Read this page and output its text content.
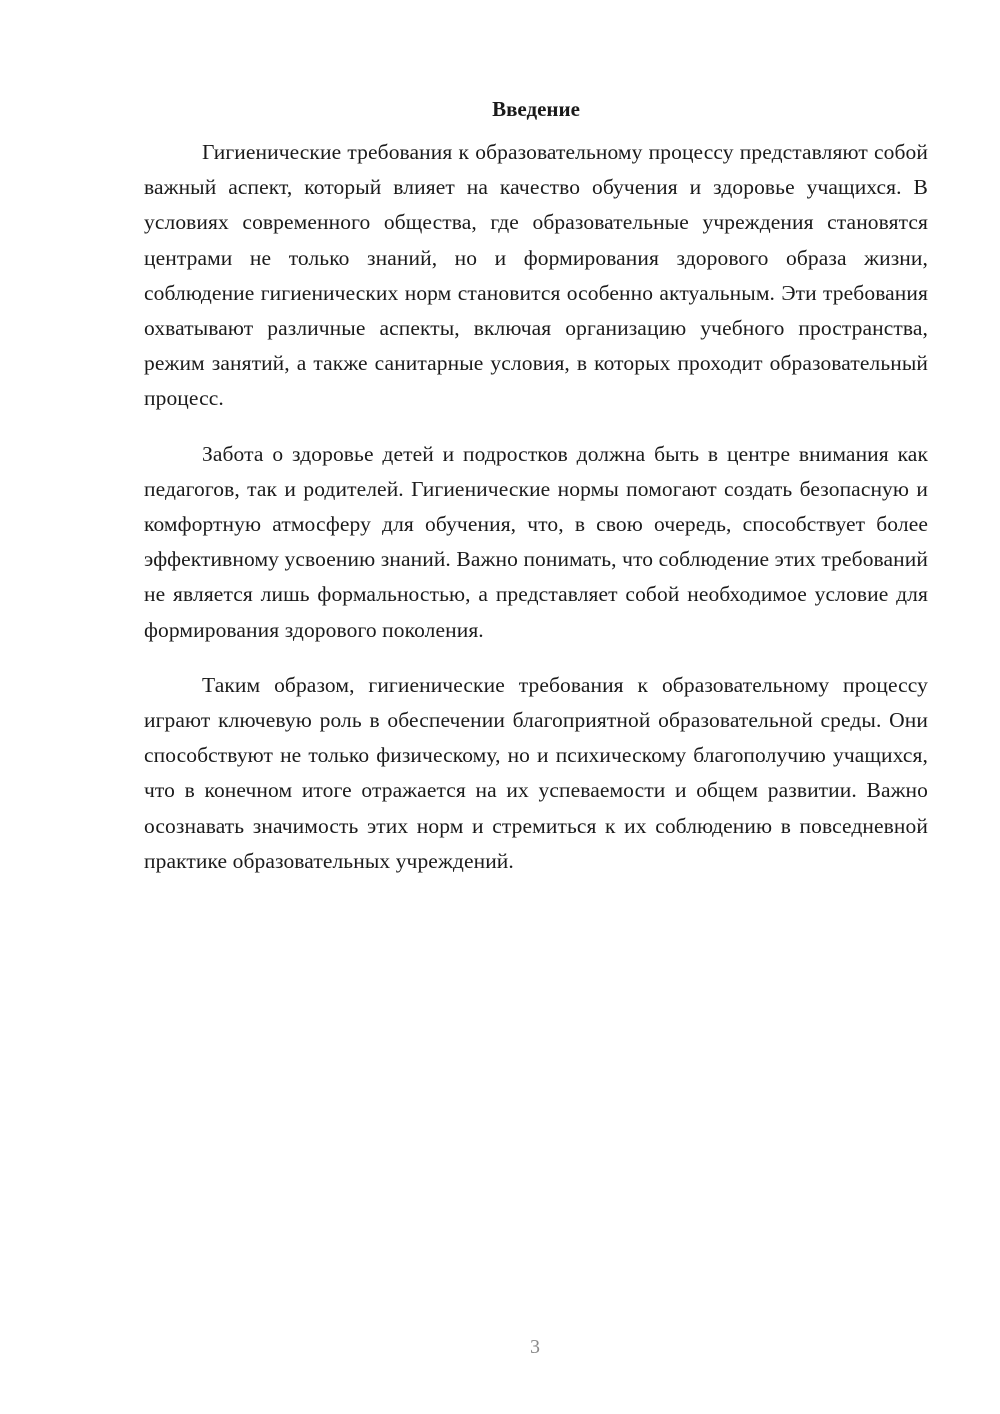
Введение

Гигиенические требования к образовательному процессу представляют собой важный аспект, который влияет на качество обучения и здоровье учащихся. В условиях современного общества, где образовательные учреждения становятся центрами не только знаний, но и формирования здорового образа жизни, соблюдение гигиенических норм становится особенно актуальным. Эти требования охватывают различные аспекты, включая организацию учебного пространства, режим занятий, а также санитарные условия, в которых проходит образовательный процесс.

Забота о здоровье детей и подростков должна быть в центре внимания как педагогов, так и родителей. Гигиенические нормы помогают создать безопасную и комфортную атмосферу для обучения, что, в свою очередь, способствует более эффективному усвоению знаний. Важно понимать, что соблюдение этих требований не является лишь формальностью, а представляет собой необходимое условие для формирования здорового поколения.

Таким образом, гигиенические требования к образовательному процессу играют ключевую роль в обеспечении благоприятной образовательной среды. Они способствуют не только физическому, но и психическому благополучию учащихся, что в конечном итоге отражается на их успеваемости и общем развитии. Важно осознавать значимость этих норм и стремиться к их соблюдению в повседневной практике образовательных учреждений.

3
